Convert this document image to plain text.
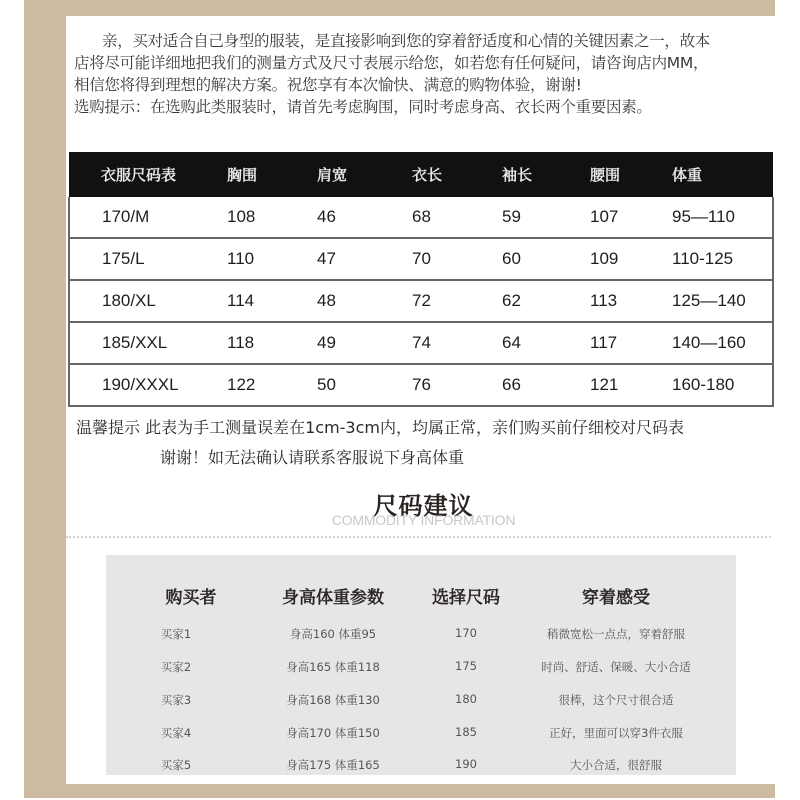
亲，买对适合自己身型的服装，是直接影响到您的穿着舒适度和心情的关键因素之一，故本

店将尽可能详细地把我们的测量方式及尺寸表展示给您，如若您有任何疑问，请咨询店内MM，

相信您将得到理想的解决方案。祝您享有本次愉快、满意的购物体验，谢谢!

选购提示：在选购此类服装时，请首先考虑胸围，同时考虑身高、衣长两个重要因素。

衣服尺码表	胸围	肩宽	衣长	袖长	腰围	体重
170/M	108	46	68	59	107	95—110
175/L	110	47	70	60	109	110-125
180/XL	114	48	72	62	113	125—140
185/XXL	118	49	74	64	117	140—160
190/XXXL	122	50	76	66	121	160-180
温馨提示 此表为手工测量误差在1cm-3cm内，均属正常，亲们购买前仔细校对尺码表
谢谢！如无法确认请联系客服说下身高体重
尺码建议
COMMODITY INFORMATION
购买者	身高体重参数	选择尺码	穿着感受
买家1	身高160 体重95	170	稍微宽松一点点，穿着舒服
买家2	身高165 体重118	175	时尚、舒适、保暖、大小合适
买家3	身高168 体重130	180	很棒，这个尺寸很合适
买家4	身高170 体重150	185	正好，里面可以穿3件衣服
买家5	身高175 体重165	190	大小合适，很舒服
